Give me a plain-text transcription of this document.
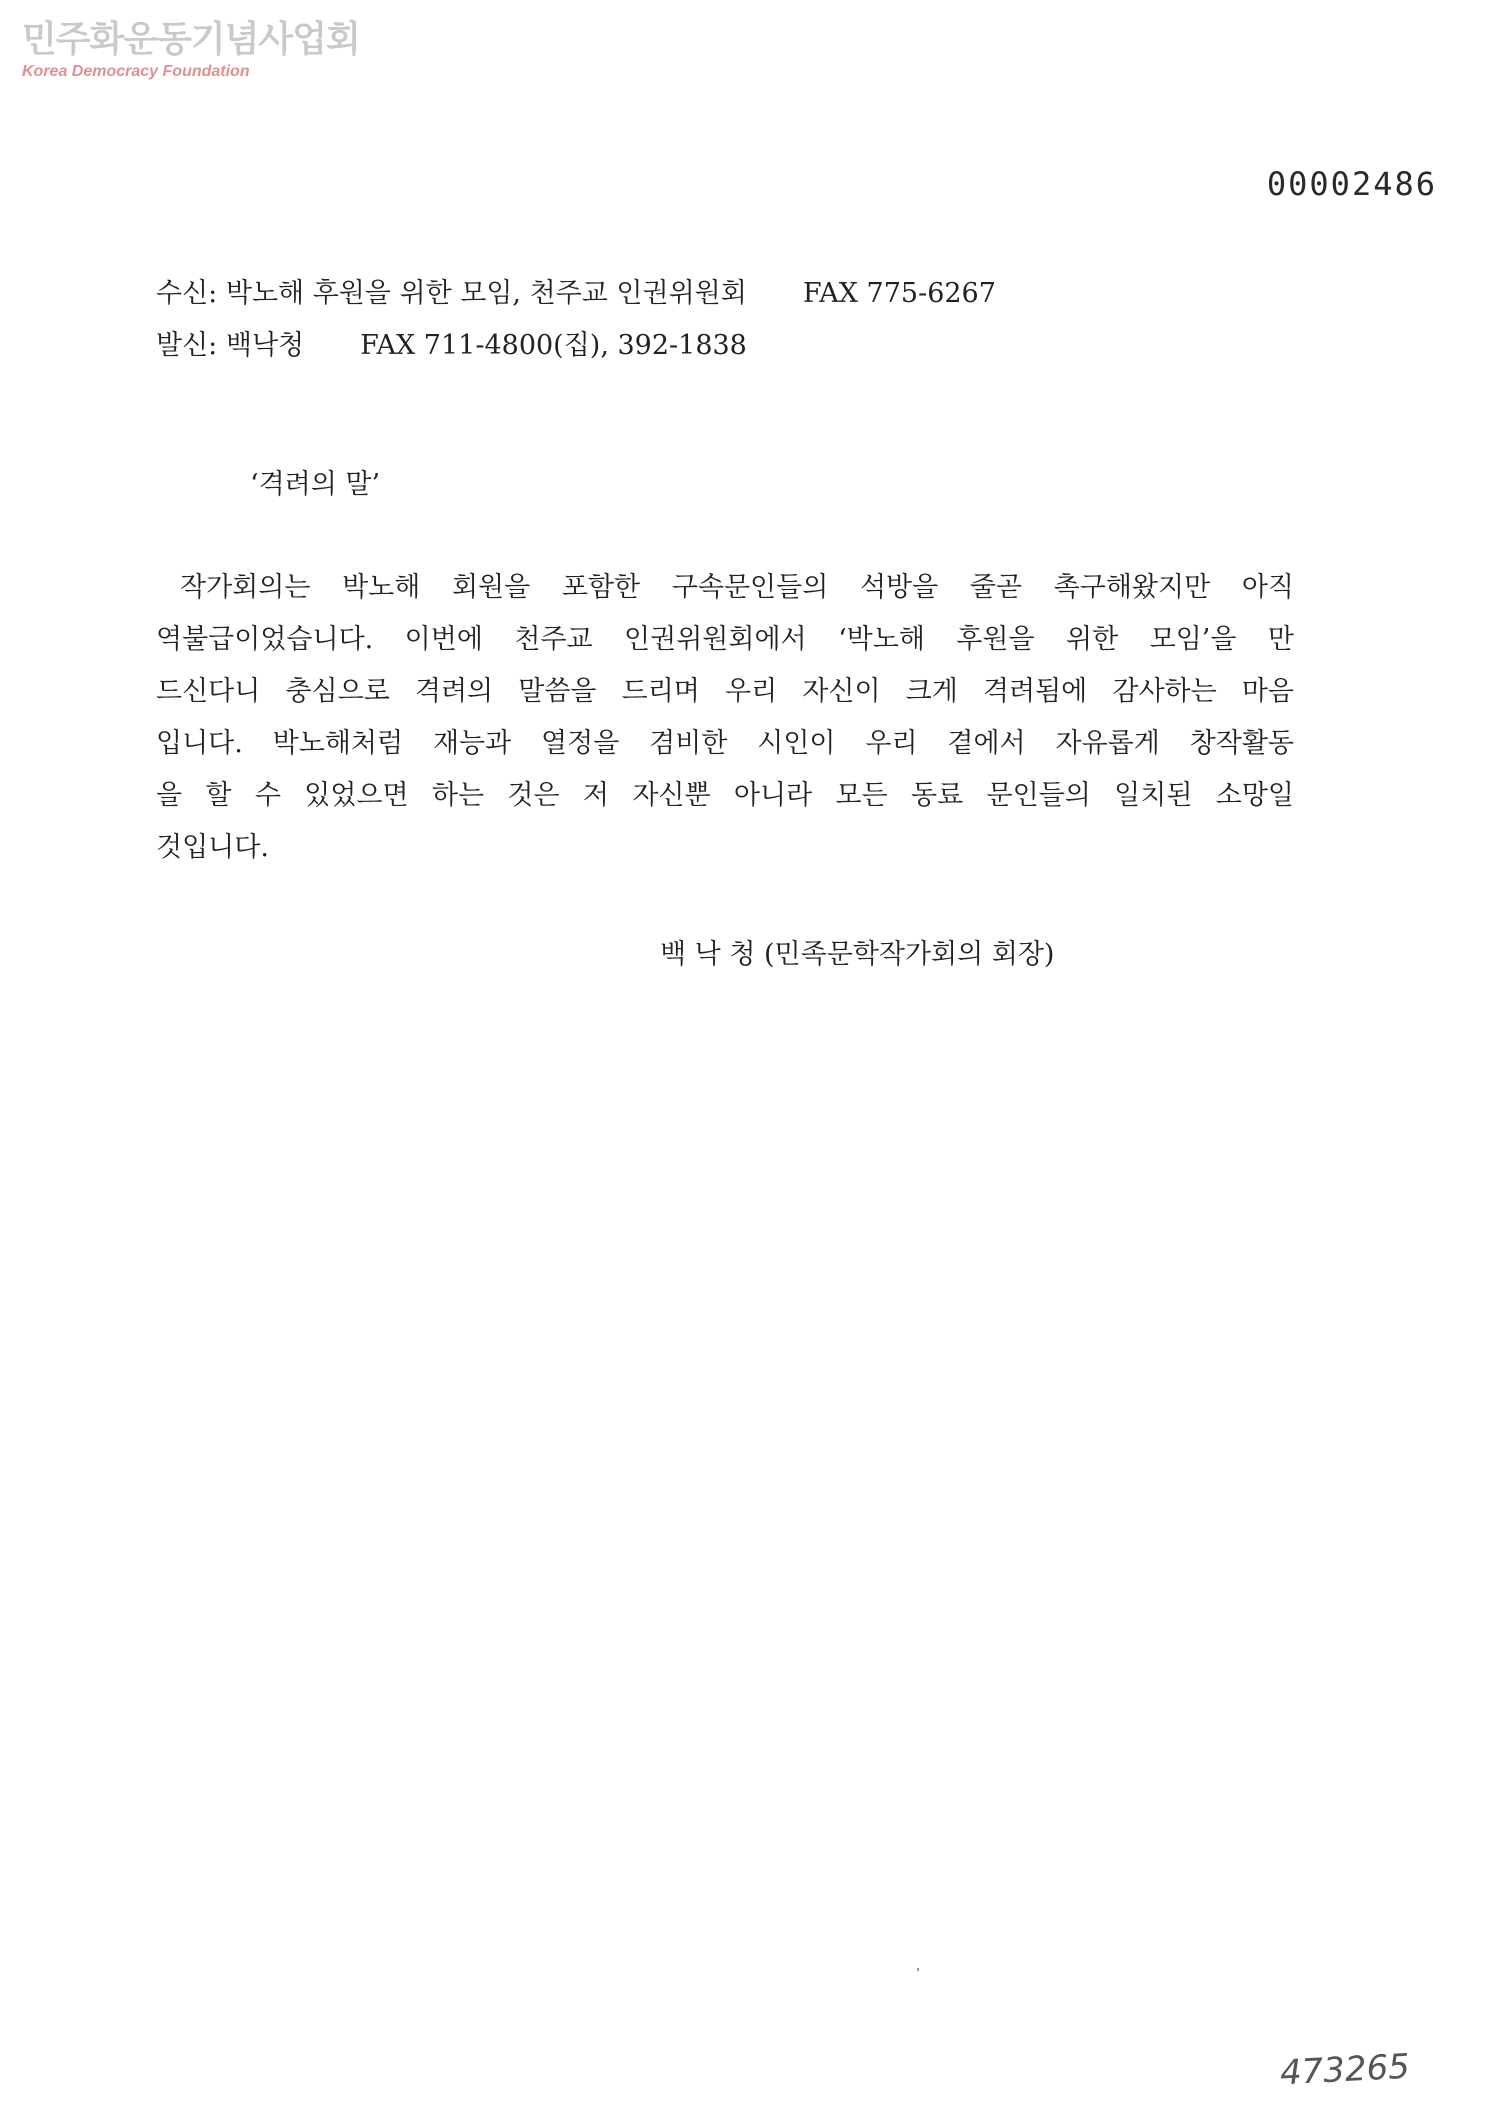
민주화운동기념사업회
Korea Democracy Foundation
00002486
수신: 박노해 후원을 위한 모임, 천주교 인권위원회 FAX 775-6267
발신: 백낙청 FAX 711-4800(집), 392-1838
‘격려의 말’
작가회의는 박노해 회원을 포함한 구속문인들의 석방을 줄곧 촉구해왔지만 아직
역불급이었습니다. 이번에 천주교 인권위원회에서 ‘박노해 후원을 위한 모임’을 만
드신다니 충심으로 격려의 말씀을 드리며 우리 자신이 크게 격려됨에 감사하는 마음
입니다. 박노해처럼 재능과 열정을 겸비한 시인이 우리 곁에서 자유롭게 창작활동
을 할 수 있었으면 하는 것은 저 자신뿐 아니라 모든 동료 문인들의 일치된 소망일
것입니다.
백 낙 청 (민족문학작가회의 회장)
473265
